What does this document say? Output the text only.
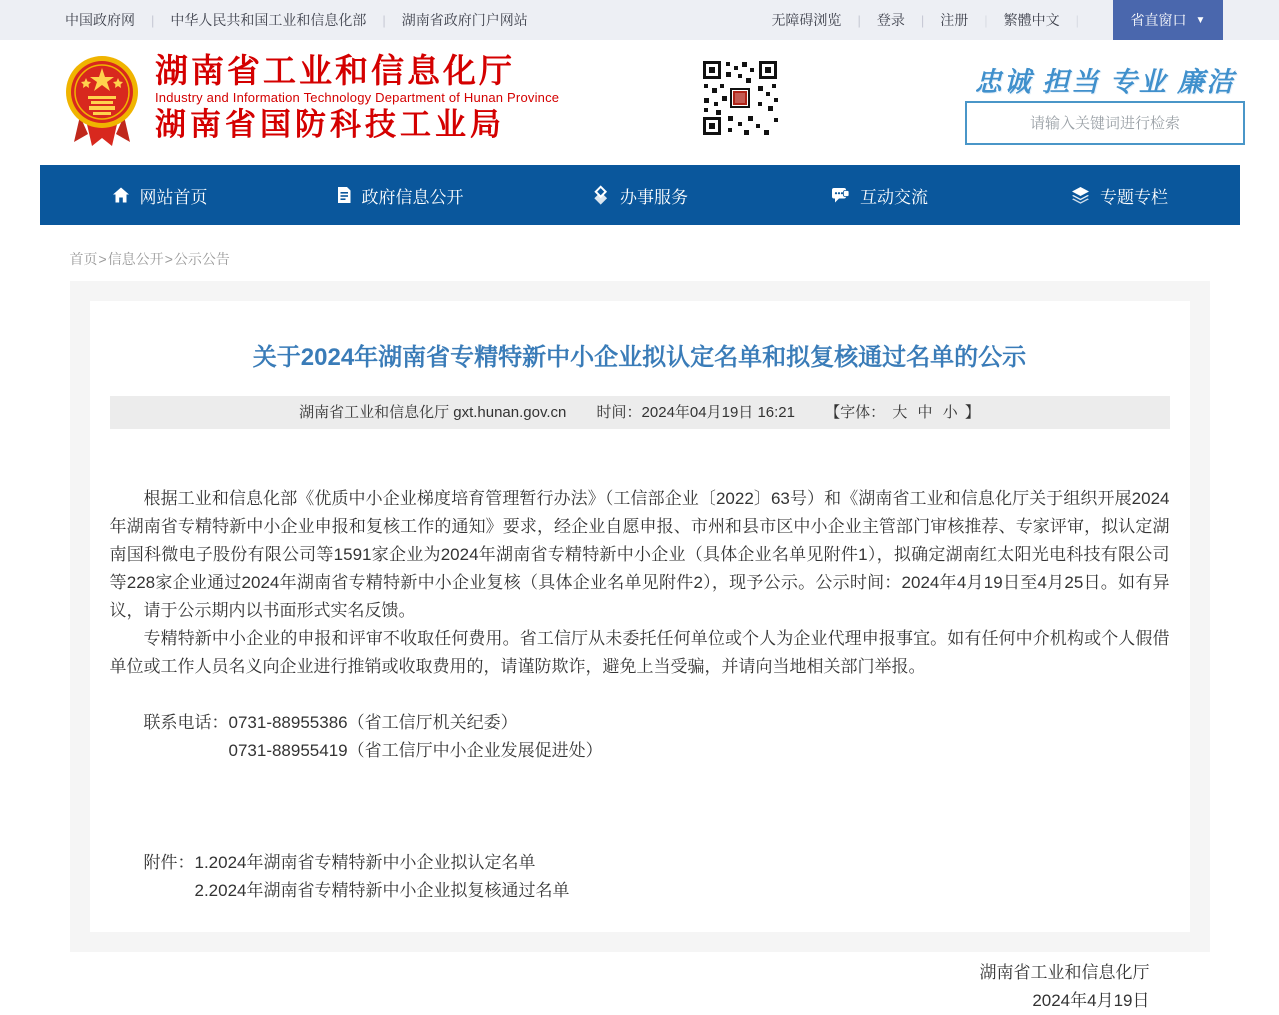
中国政府网 | 中华人民共和国工业和信息化部 | 湖南省政府门户网站	无障碍浏览 | 登录 | 注册 | 繁體中文 |	省直窗口 ▼
湖南省工业和信息化厅
Industry and Information Technology Department of Hunan Province
湖南省国防科技工业局
忠诚 担当 专业 廉洁
请输入关键词进行检索
网站首页	政府信息公开	办事服务	互动交流	专题专栏
首页>信息公开>公示公告
关于2024年湖南省专精特新中小企业拟认定名单和拟复核通过名单的公示
湖南省工业和信息化厅 gxt.hunan.gov.cn 时间：2024年04月19日 16:21 【字体： 大 中 小 】

根据工业和信息化部《优质中小企业梯度培育管理暂行办法》（工信部企业〔2022〕63号）和《湖南省工业和信息化厅关于组织开展2024年湖南省专精特新中小企业申报和复核工作的通知》要求，经企业自愿申报、市州和县市区中小企业主管部门审核推荐、专家评审，拟认定湖南国科微电子股份有限公司等1591家企业为2024年湖南省专精特新中小企业（具体企业名单见附件1），拟确定湖南红太阳光电科技有限公司等228家企业通过2024年湖南省专精特新中小企业复核（具体企业名单见附件2），现予公示。公示时间：2024年4月19日至4月25日。如有异议，请于公示期内以书面形式实名反馈。

专精特新中小企业的申报和评审不收取任何费用。省工信厅从未委托任何单位或个人为企业代理申报事宜。如有任何中介机构或个人假借单位或工作人员名义向企业进行推销或收取费用的，请谨防欺诈，避免上当受骗，并请向当地相关部门举报。

联系电话：0731-88955386（省工信厅机关纪委）
0731-88955419（省工信厅中小企业发展促进处）
附件：1.2024年湖南省专精特新中小企业拟认定名单
2.2024年湖南省专精特新中小企业拟复核通过名单
湖南省工业和信息化厅
2024年4月19日
